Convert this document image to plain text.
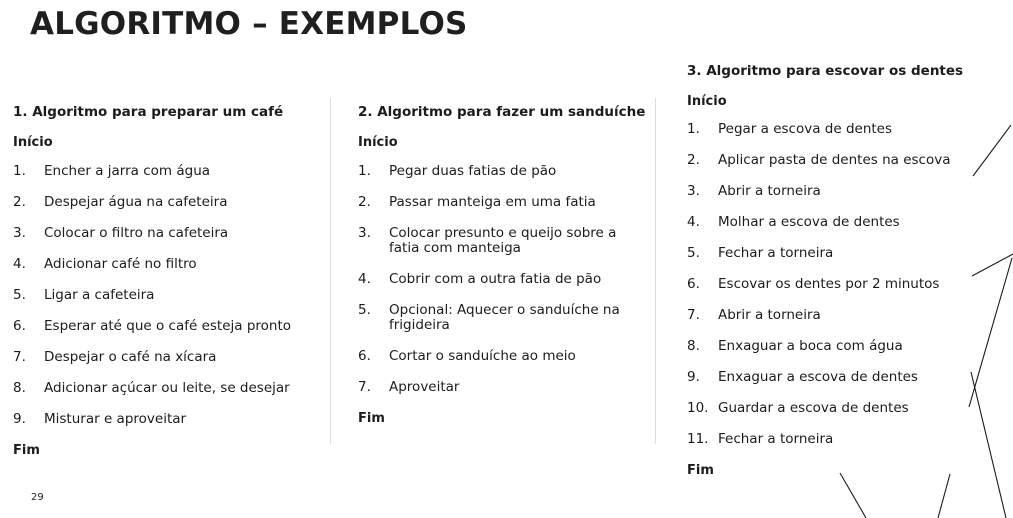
ALGORITMO – EXEMPLOS

1. Algoritmo para preparar um café

Início

1.	Encher a jarra com água
2.	Despejar água na cafeteira
3.	Colocar o filtro na cafeteira
4.	Adicionar café no filtro
5.	Ligar a cafeteira
6.	Esperar até que o café esteja pronto
7.	Despejar o café na xícara
8.	Adicionar açúcar ou leite, se desejar
9.	Misturar e aproveitar

Fim

2. Algoritmo para fazer um sanduíche

Início

1.	Pegar duas fatias de pão
2.	Passar manteiga em uma fatia
3.	Colocar presunto e queijo sobre a fatia com manteiga
4.	Cobrir com a outra fatia de pão
5.	Opcional: Aquecer o sanduíche na frigideira
6.	Cortar o sanduíche ao meio
7.	Aproveitar

Fim

3. Algoritmo para escovar os dentes

Início

1.	Pegar a escova de dentes
2.	Aplicar pasta de dentes na escova
3.	Abrir a torneira
4.	Molhar a escova de dentes
5.	Fechar a torneira
6.	Escovar os dentes por 2 minutos
7.	Abrir a torneira
8.	Enxaguar a boca com água
9.	Enxaguar a escova de dentes
10. Guardar a escova de dentes
11. Fechar a torneira

Fim

29
